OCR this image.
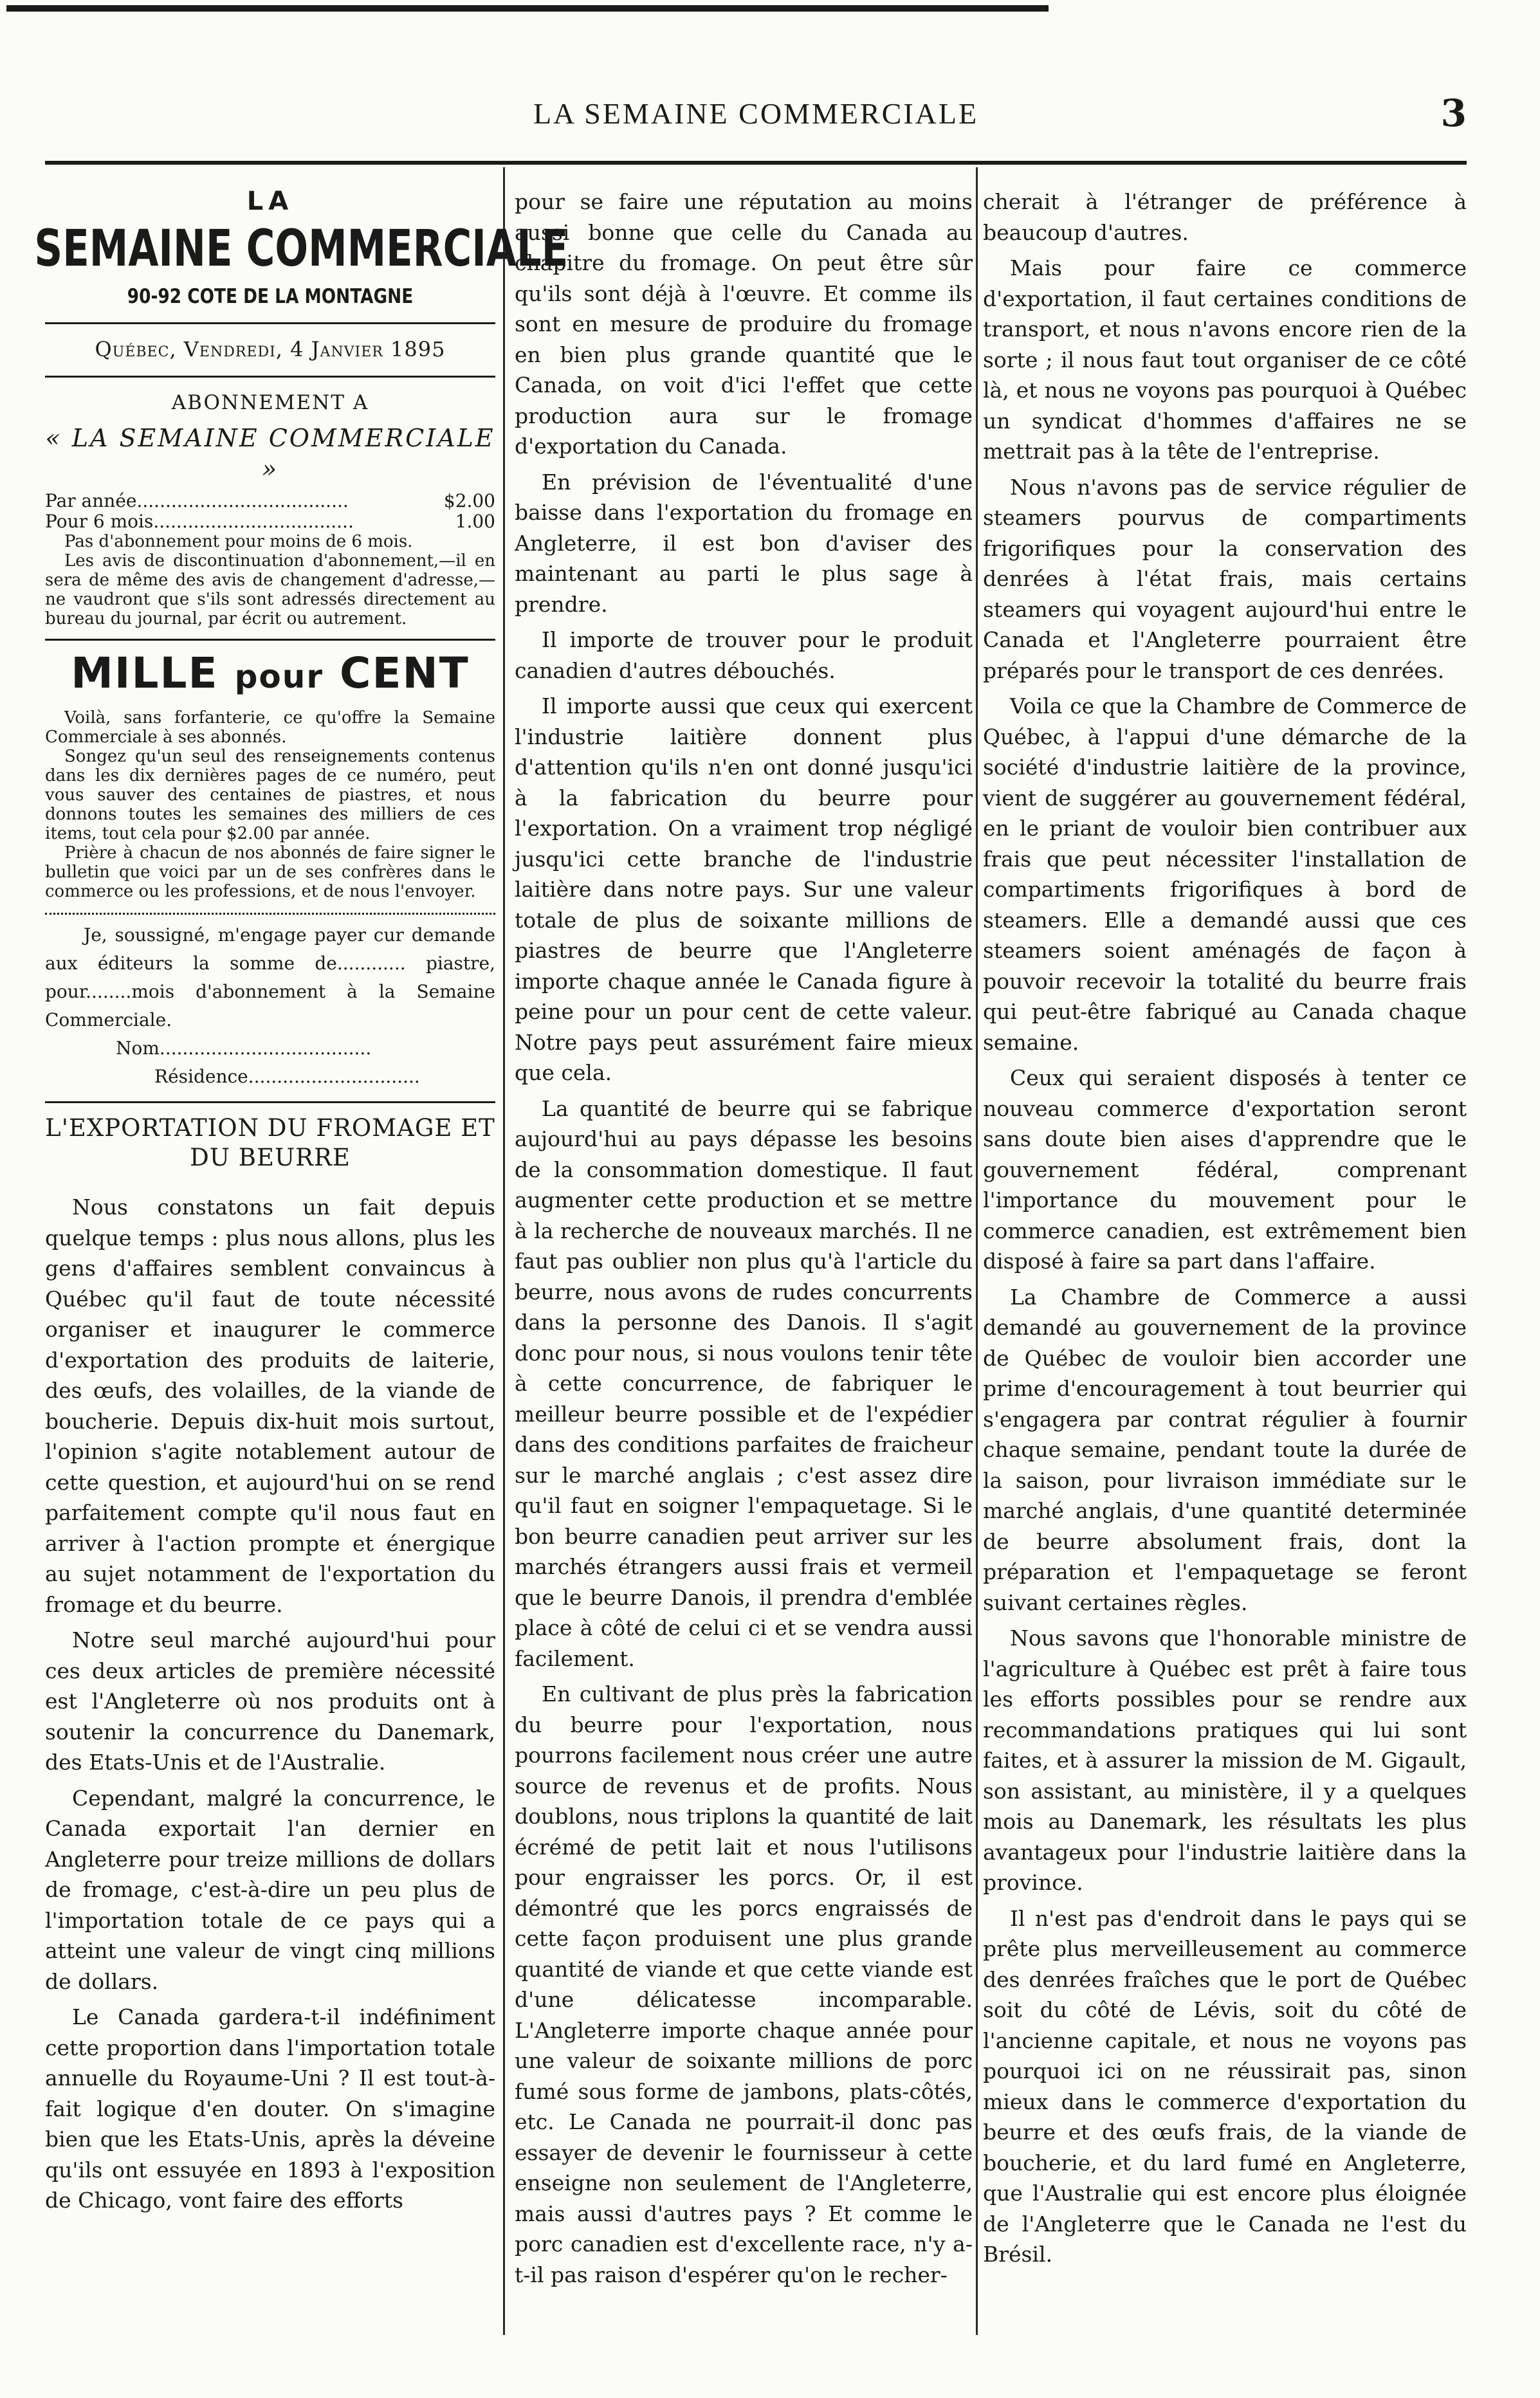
LA SEMAINE COMMERCIALE	3
LA
SEMAINE COMMERCIALE
90-92 COTE DE LA MONTAGNE
Québec, Vendredi, 4 Janvier 1895
ABONNEMENT A
« LA SEMAINE COMMERCIALE »
Par année.....................................	$2.00
Pour 6 mois...................................	1.00
Pas d'abonnement pour moins de 6 mois.
Les avis de discontinuation d'abonnement,—il en sera de même des avis de changement d'adresse,—ne vaudront que s'ils sont adressés directement au bureau du journal, par écrit ou autrement.
MILLE pour CENT
Voilà, sans forfanterie, ce qu'offre la Semaine Commerciale à ses abonnés.
Songez qu'un seul des renseignements contenus dans les dix dernières pages de ce numéro, peut vous sauver des centaines de piastres, et nous donnons toutes les semaines des milliers de ces items, tout cela pour $2.00 par année.
Prière à chacun de nos abonnés de faire signer le bulletin que voici par un de ses confrères dans le commerce ou les professions, et de nous l'envoyer.
Je, soussigné, m'engage payer cur demande aux éditeurs la somme de............ piastre, pour........mois d'abonnement à la Semaine Commerciale.
Nom.....................................
Résidence..............................
L'EXPORTATION DU FROMAGE ET DU BEURRE

Nous constatons un fait depuis quelque temps : plus nous allons, plus les gens d'affaires semblent convaincus à Québec qu'il faut de toute nécessité organiser et inaugurer le commerce d'exportation des produits de laiterie, des œufs, des volailles, de la viande de boucherie. Depuis dix-huit mois surtout, l'opinion s'agite notablement autour de cette question, et aujourd'hui on se rend parfaitement compte qu'il nous faut en arriver à l'action prompte et énergique au sujet notamment de l'exportation du fromage et du beurre.

Notre seul marché aujourd'hui pour ces deux articles de première nécessité est l'Angleterre où nos produits ont à soutenir la concurrence du Danemark, des Etats-Unis et de l'Australie.

Cependant, malgré la concurrence, le Canada exportait l'an dernier en Angleterre pour treize millions de dollars de fromage, c'est-à-dire un peu plus de l'importation totale de ce pays qui a atteint une valeur de vingt cinq millions de dollars.

Le Canada gardera-t-il indéfiniment cette proportion dans l'importation totale annuelle du Royaume-Uni ? Il est tout-à-fait logique d'en douter. On s'imagine bien que les Etats-Unis, après la déveine qu'ils ont essuyée en 1893 à l'exposition de Chicago, vont faire des efforts

pour se faire une réputation au moins aussi bonne que celle du Canada au chapitre du fromage. On peut être sûr qu'ils sont déjà à l'œuvre. Et comme ils sont en mesure de produire du fromage en bien plus grande quantité que le Canada, on voit d'ici l'effet que cette production aura sur le fromage d'exportation du Canada.

En prévision de l'éventualité d'une baisse dans l'exportation du fromage en Angleterre, il est bon d'aviser des maintenant au parti le plus sage à prendre.

Il importe de trouver pour le produit canadien d'autres débouchés.

Il importe aussi que ceux qui exercent l'industrie laitière donnent plus d'attention qu'ils n'en ont donné jusqu'ici à la fabrication du beurre pour l'exportation. On a vraiment trop négligé jusqu'ici cette branche de l'industrie laitière dans notre pays. Sur une valeur totale de plus de soixante millions de piastres de beurre que l'Angleterre importe chaque année le Canada figure à peine pour un pour cent de cette valeur. Notre pays peut assurément faire mieux que cela.

La quantité de beurre qui se fabrique aujourd'hui au pays dépasse les besoins de la consommation domestique. Il faut augmenter cette production et se mettre à la recherche de nouveaux marchés. Il ne faut pas oublier non plus qu'à l'article du beurre, nous avons de rudes concurrents dans la personne des Danois. Il s'agit donc pour nous, si nous voulons tenir tête à cette concurrence, de fabriquer le meilleur beurre possible et de l'expédier dans des conditions parfaites de fraicheur sur le marché anglais ; c'est assez dire qu'il faut en soigner l'empaquetage. Si le bon beurre canadien peut arriver sur les marchés étrangers aussi frais et vermeil que le beurre Danois, il prendra d'emblée place à côté de celui ci et se vendra aussi facilement.

En cultivant de plus près la fabrication du beurre pour l'exportation, nous pourrons facilement nous créer une autre source de revenus et de profits. Nous doublons, nous triplons la quantité de lait écrémé de petit lait et nous l'utilisons pour engraisser les porcs. Or, il est démontré que les porcs engraissés de cette façon produisent une plus grande quantité de viande et que cette viande est d'une délicatesse incomparable. L'Angleterre importe chaque année pour une valeur de soixante millions de porc fumé sous forme de jambons, plats-côtés, etc. Le Canada ne pourrait-il donc pas essayer de devenir le fournisseur à cette enseigne non seulement de l'Angleterre, mais aussi d'autres pays ? Et comme le porc canadien est d'excellente race, n'y a-t-il pas raison d'espérer qu'on le recher-

cherait à l'étranger de préférence à beaucoup d'autres.

Mais pour faire ce commerce d'exportation, il faut certaines conditions de transport, et nous n'avons encore rien de la sorte ; il nous faut tout organiser de ce côté là, et nous ne voyons pas pourquoi à Québec un syndicat d'hommes d'affaires ne se mettrait pas à la tête de l'entreprise.

Nous n'avons pas de service régulier de steamers pourvus de compartiments frigorifiques pour la conservation des denrées à l'état frais, mais certains steamers qui voyagent aujourd'hui entre le Canada et l'Angleterre pourraient être préparés pour le transport de ces denrées.

Voila ce que la Chambre de Commerce de Québec, à l'appui d'une démarche de la société d'industrie laitière de la province, vient de suggérer au gouvernement fédéral, en le priant de vouloir bien contribuer aux frais que peut nécessiter l'installation de compartiments frigorifiques à bord de steamers. Elle a demandé aussi que ces steamers soient aménagés de façon à pouvoir recevoir la totalité du beurre frais qui peut-être fabriqué au Canada chaque semaine.

Ceux qui seraient disposés à tenter ce nouveau commerce d'exportation seront sans doute bien aises d'apprendre que le gouvernement fédéral, comprenant l'importance du mouvement pour le commerce canadien, est extrêmement bien disposé à faire sa part dans l'affaire.

La Chambre de Commerce a aussi demandé au gouvernement de la province de Québec de vouloir bien accorder une prime d'encouragement à tout beurrier qui s'engagera par contrat régulier à fournir chaque semaine, pendant toute la durée de la saison, pour livraison immédiate sur le marché anglais, d'une quantité determinée de beurre absolument frais, dont la préparation et l'empaquetage se feront suivant certaines règles.

Nous savons que l'honorable ministre de l'agriculture à Québec est prêt à faire tous les efforts possibles pour se rendre aux recommandations pratiques qui lui sont faites, et à assurer la mission de M. Gigault, son assistant, au ministère, il y a quelques mois au Danemark, les résultats les plus avantageux pour l'industrie laitière dans la province.

Il n'est pas d'endroit dans le pays qui se prête plus merveilleusement au commerce des denrées fraîches que le port de Québec soit du côté de Lévis, soit du côté de l'ancienne capitale, et nous ne voyons pas pourquoi ici on ne réussirait pas, sinon mieux dans le commerce d'exportation du beurre et des œufs frais, de la viande de boucherie, et du lard fumé en Angleterre, que l'Australie qui est encore plus éloignée de l'Angleterre que le Canada ne l'est du Brésil.
